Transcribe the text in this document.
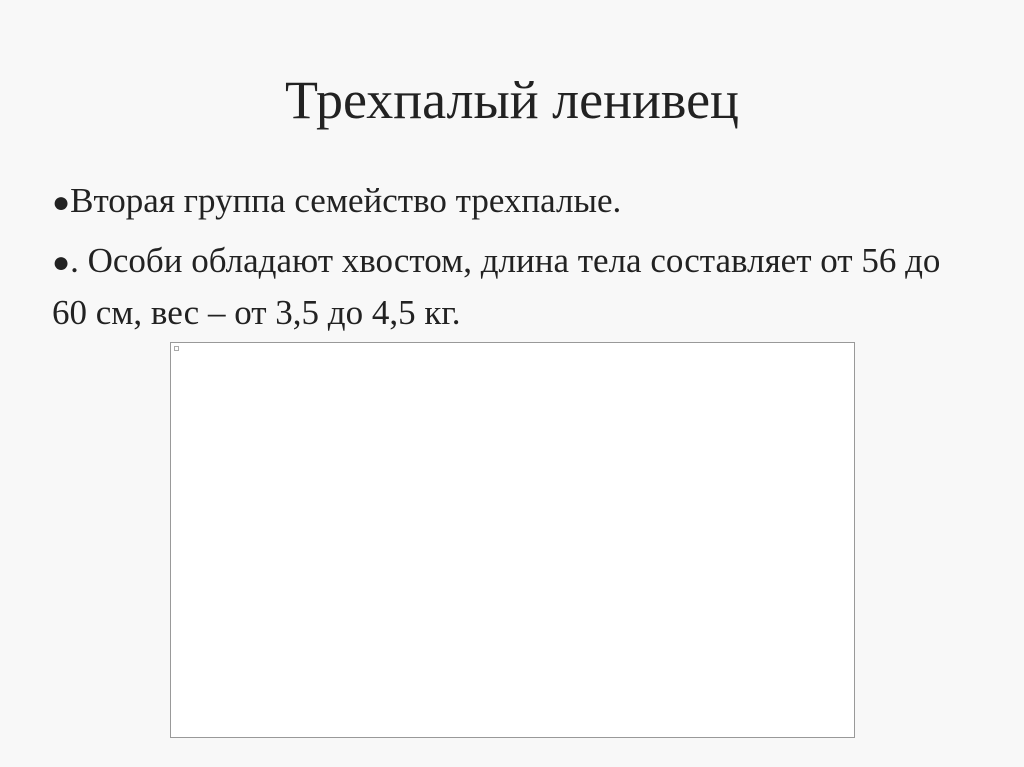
Трехпалый ленивец
●Вторая группа семейство трехпалые.
●. Особи обладают хвостом, длина тела составляет от 56 до 60 см, вес – от 3,5 до 4,5 кг.
